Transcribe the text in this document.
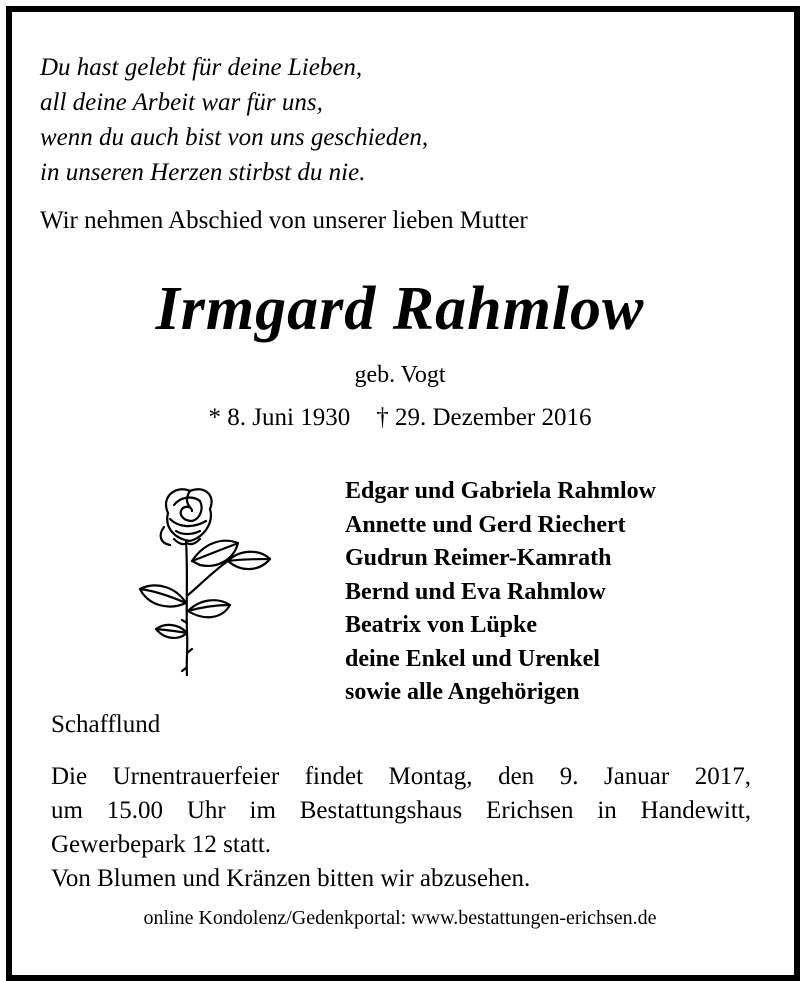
Du hast gelebt für deine Lieben,
all deine Arbeit war für uns,
wenn du auch bist von uns geschieden,
in unseren Herzen stirbst du nie.
Wir nehmen Abschied von unserer lieben Mutter
Irmgard Rahmlow
geb. Vogt
* 8. Juni 1930 † 29. Dezember 2016
Edgar und Gabriela Rahmlow
Annette und Gerd Riechert
Gudrun Reimer-Kamrath
Bernd und Eva Rahmlow
Beatrix von Lüpke
deine Enkel und Urenkel
sowie alle Angehörigen
Schafflund
Die Urnentrauerfeier findet Montag, den 9. Januar 2017,
um 15.00 Uhr im Bestattungshaus Erichsen in Handewitt,
Gewerbepark 12 statt.
Von Blumen und Kränzen bitten wir abzusehen.
online Kondolenz/Gedenkportal: www.bestattungen-erichsen.de
